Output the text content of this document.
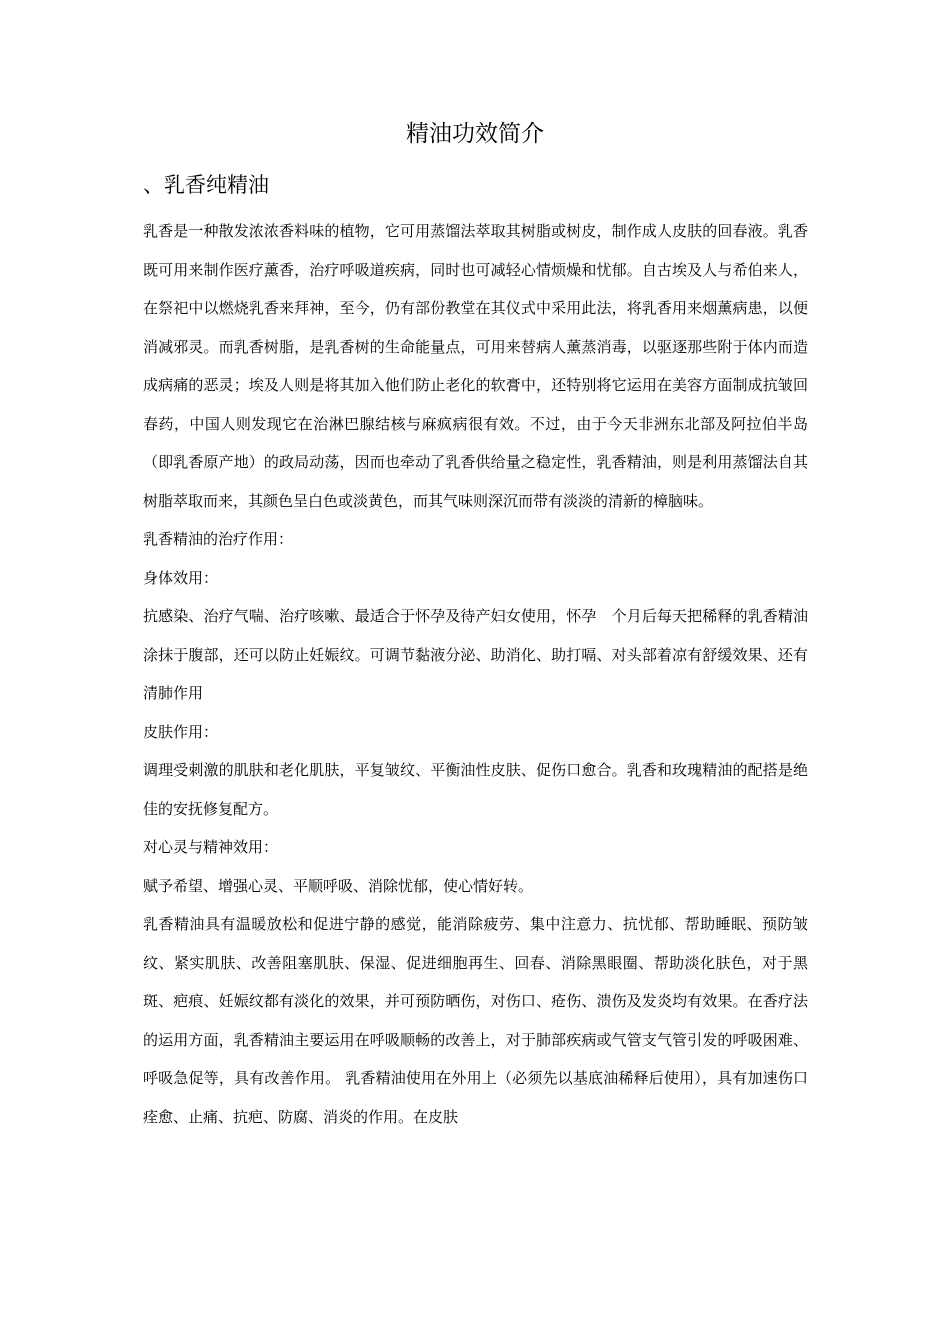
精油功效简介
、乳香纯精油

乳香是一种散发浓浓香料味的植物，它可用蒸馏法萃取其树脂或树皮，制作成人皮肤的回春液。乳香既可用来制作医疗薰香，治疗呼吸道疾病，同时也可减轻心情烦燥和忧郁。自古埃及人与希伯来人，在祭祀中以燃烧乳香来拜神，至今，仍有部份教堂在其仪式中采用此法，将乳香用来烟薰病患，以便消减邪灵。而乳香树脂，是乳香树的生命能量点，可用来替病人薰蒸消毒，以驱逐那些附于体内而造成病痛的恶灵；埃及人则是将其加入他们防止老化的软膏中，还特别将它运用在美容方面制成抗皱回春药，中国人则发现它在治淋巴腺结核与麻疯病很有效。不过，由于今天非洲东北部及阿拉伯半岛（即乳香原产地）的政局动荡，因而也牵动了乳香供给量之稳定性，乳香精油，则是利用蒸馏法自其树脂萃取而来，其颜色呈白色或淡黄色，而其气味则深沉而带有淡淡的清新的樟脑味。

乳香精油的治疗作用：

身体效用：

抗感染、治疗气喘、治疗咳嗽、最适合于怀孕及待产妇女使用，怀孕　个月后每天把稀释的乳香精油涂抹于腹部，还可以防止妊娠纹。可调节黏液分泌、助消化、助打嗝、对头部着凉有舒缓效果、还有清肺作用

皮肤作用：

调理受刺激的肌肤和老化肌肤，平复皱纹、平衡油性皮肤、促伤口愈合。乳香和玫瑰精油的配搭是绝佳的安抚修复配方。

对心灵与精神效用：

赋予希望、增强心灵、平顺呼吸、消除忧郁，使心情好转。

乳香精油具有温暖放松和促进宁静的感觉，能消除疲劳、集中注意力、抗忧郁、帮助睡眠、预防皱纹、紧实肌肤、改善阻塞肌肤、保湿、促进细胞再生、回春、消除黑眼圈、帮助淡化肤色，对于黑斑、疤痕、妊娠纹都有淡化的效果，并可预防晒伤，对伤口、疮伤、溃伤及发炎均有效果。在香疗法的运用方面，乳香精油主要运用在呼吸顺畅的改善上，对于肺部疾病或气管支气管引发的呼吸困难、呼吸急促等，具有改善作用。 乳香精油使用在外用上（必须先以基底油稀释后使用），具有加速伤口痊愈、止痛、抗疤、防腐、消炎的作用。在皮肤
